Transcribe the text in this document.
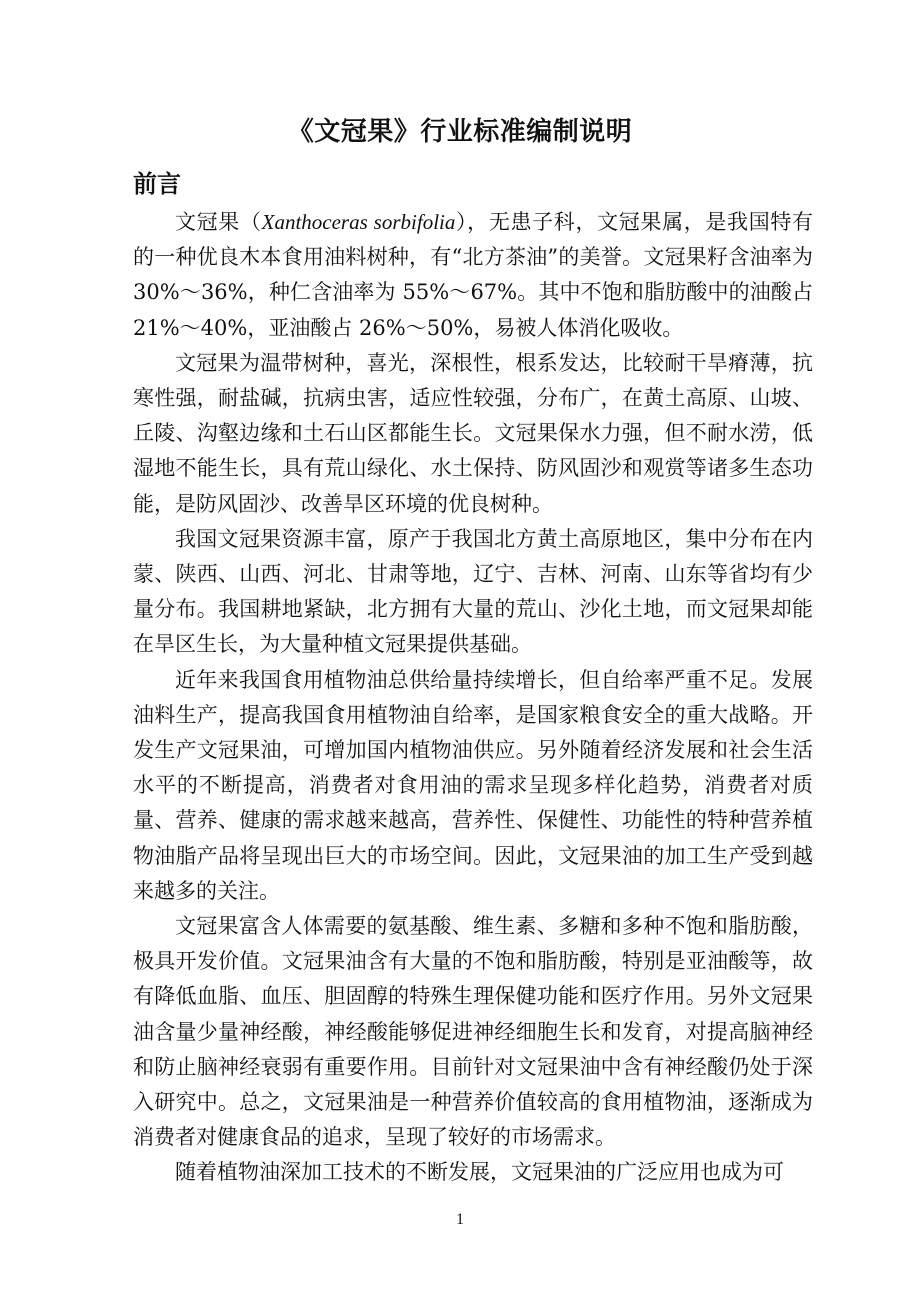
《文冠果》行业标准编制说明
前言

文冠果（Xanthoceras sorbifolia），无患子科，文冠果属，是我国特有的一种优良木本食用油料树种，有“北方茶油”的美誉。文冠果籽含油率为 30%～36%，种仁含油率为 55%～67%。其中不饱和脂肪酸中的油酸占 21%～40%，亚油酸占 26%～50%，易被人体消化吸收。

文冠果为温带树种，喜光，深根性，根系发达，比较耐干旱瘠薄，抗寒性强，耐盐碱，抗病虫害，适应性较强，分布广，在黄土高原、山坡、丘陵、沟壑边缘和土石山区都能生长。文冠果保水力强，但不耐水涝，低湿地不能生长，具有荒山绿化、水土保持、防风固沙和观赏等诸多生态功能，是防风固沙、改善旱区环境的优良树种。

我国文冠果资源丰富，原产于我国北方黄土高原地区，集中分布在内蒙、陕西、山西、河北、甘肃等地，辽宁、吉林、河南、山东等省均有少量分布。我国耕地紧缺，北方拥有大量的荒山、沙化土地，而文冠果却能在旱区生长，为大量种植文冠果提供基础。

近年来我国食用植物油总供给量持续增长，但自给率严重不足。发展油料生产，提高我国食用植物油自给率，是国家粮食安全的重大战略。开发生产文冠果油，可增加国内植物油供应。另外随着经济发展和社会生活水平的不断提高，消费者对食用油的需求呈现多样化趋势，消费者对质量、营养、健康的需求越来越高，营养性、保健性、功能性的特种营养植物油脂产品将呈现出巨大的市场空间。因此，文冠果油的加工生产受到越来越多的关注。

文冠果富含人体需要的氨基酸、维生素、多糖和多种不饱和脂肪酸，极具开发价值。文冠果油含有大量的不饱和脂肪酸，特别是亚油酸等，故有降低血脂、血压、胆固醇的特殊生理保健功能和医疗作用。另外文冠果油含量少量神经酸，神经酸能够促进神经细胞生长和发育，对提高脑神经和防止脑神经衰弱有重要作用。目前针对文冠果油中含有神经酸仍处于深入研究中。总之，文冠果油是一种营养价值较高的食用植物油，逐渐成为消费者对健康食品的追求，呈现了较好的市场需求。

随着植物油深加工技术的不断发展，文冠果油的广泛应用也成为可

1
